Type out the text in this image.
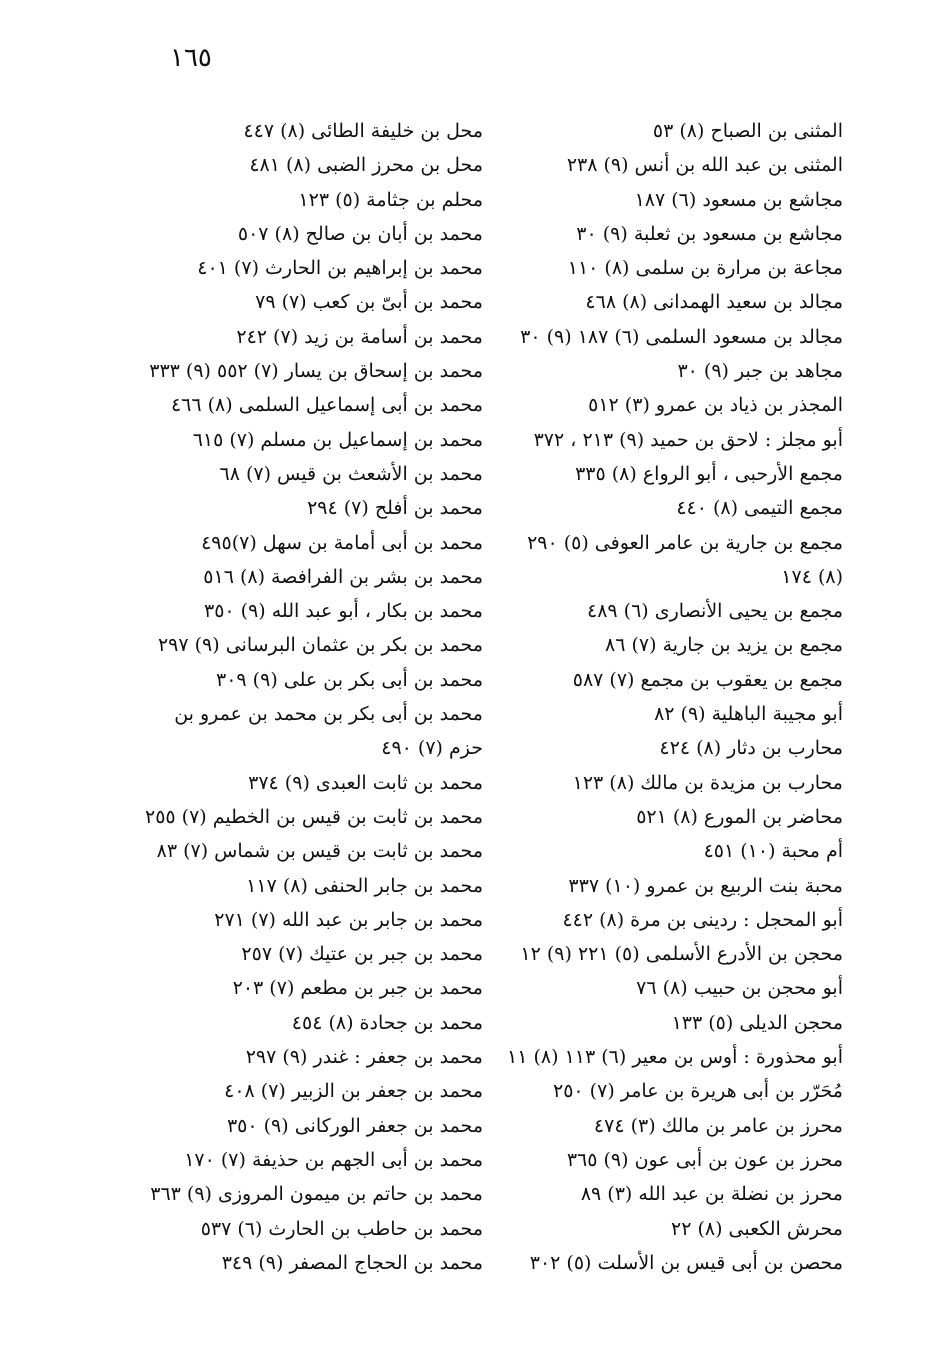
١٦٥
المثنى بن الصباح (٨) ٥٣
المثنى بن عبد الله بن أنس (٩) ٢٣٨
مجاشع بن مسعود (٦) ١٨٧
مجاشع بن مسعود بن ثعلبة (٩) ٣٠
مجاعة بن مرارة بن سلمى (٨) ١١٠
مجالد بن سعيد الهمدانى (٨) ٤٦٨
مجالد بن مسعود السلمى (٦) ١٨٧ (٩) ٣٠
مجاهد بن جبر (٩) ٣٠
المجذر بن ذياد بن عمرو (٣) ٥١٢
أبو مجلز : لاحق بن حميد (٩) ٢١٣ ، ٣٧٢
مجمع الأرحبى ، أبو الرواع (٨) ٣٣٥
مجمع التيمى (٨) ٤٤٠
مجمع بن جارية بن عامر العوفى (٥) ٢٩٠ (٨) ١٧٤
مجمع بن يحيى الأنصارى (٦) ٤٨٩
مجمع بن يزيد بن جارية (٧) ٨٦
مجمع بن يعقوب بن مجمع (٧) ٥٨٧
أبو مجيبة الباهلية (٩) ٨٢
محارب بن دثار (٨) ٤٢٤
محارب بن مزيدة بن مالك (٨) ١٢٣
محاضر بن المورع (٨) ٥٢١
أم محبة (١٠) ٤٥١
محبة بنت الربيع بن عمرو (١٠) ٣٣٧
أبو المحجل : ردينى بن مرة (٨) ٤٤٢
محجن بن الأدرع الأسلمى (٥) ٢٢١ (٩) ١٢
أبو محجن بن حبيب (٨) ٧٦
محجن الديلى (٥) ١٣٣
أبو محذورة : أوس بن معير (٦) ١١٣ (٨) ١١
مُحَرّر بن أبى هريرة بن عامر (٧) ٢٥٠
محرز بن عامر بن مالك (٣) ٤٧٤
محرز بن عون بن أبى عون (٩) ٣٦٥
محرز بن نضلة بن عبد الله (٣) ٨٩
محرش الكعبى (٨) ٢٢
محصن بن أبى قيس بن الأسلت (٥) ٣٠٢
محل بن خليفة الطائى (٨) ٤٤٧
محل بن محرز الضبى (٨) ٤٨١
محلم بن جثامة (٥) ١٢٣
محمد بن أبان بن صالح (٨) ٥٠٧
محمد بن إبراهيم بن الحارث (٧) ٤٠١
محمد بن أبىّ بن كعب (٧) ٧٩
محمد بن أسامة بن زيد (٧) ٢٤٢
محمد بن إسحاق بن يسار (٧) ٥٥٢ (٩) ٣٣٣
محمد بن أبى إسماعيل السلمى (٨) ٤٦٦
محمد بن إسماعيل بن مسلم (٧) ٦١٥
محمد بن الأشعث بن قيس (٧) ٦٨
محمد بن أفلح (٧) ٢٩٤
محمد بن أبى أمامة بن سهل (٧)٤٩٥
محمد بن بشر بن الفرافصة (٨) ٥١٦
محمد بن بكار ، أبو عبد الله (٩) ٣٥٠
محمد بن بكر بن عثمان البرسانى (٩) ٢٩٧
محمد بن أبى بكر بن على (٩) ٣٠٩
محمد بن أبى بكر بن محمد بن عمرو بن حزم (٧) ٤٩٠
محمد بن ثابت العبدى (٩) ٣٧٤
محمد بن ثابت بن قيس بن الخطيم (٧) ٢٥٥
محمد بن ثابت بن قيس بن شماس (٧) ٨٣
محمد بن جابر الحنفى (٨) ١١٧
محمد بن جابر بن عبد الله (٧) ٢٧١
محمد بن جبر بن عتيك (٧) ٢٥٧
محمد بن جبر بن مطعم (٧) ٢٠٣
محمد بن جحادة (٨) ٤٥٤
محمد بن جعفر : غندر (٩) ٢٩٧
محمد بن جعفر بن الزبير (٧) ٤٠٨
محمد بن جعفر الوركانى (٩) ٣٥٠
محمد بن أبى الجهم بن حذيفة (٧) ١٧٠
محمد بن حاتم بن ميمون المروزى (٩) ٣٦٣
محمد بن حاطب بن الحارث (٦) ٥٣٧
محمد بن الحجاج المصفر (٩) ٣٤٩
